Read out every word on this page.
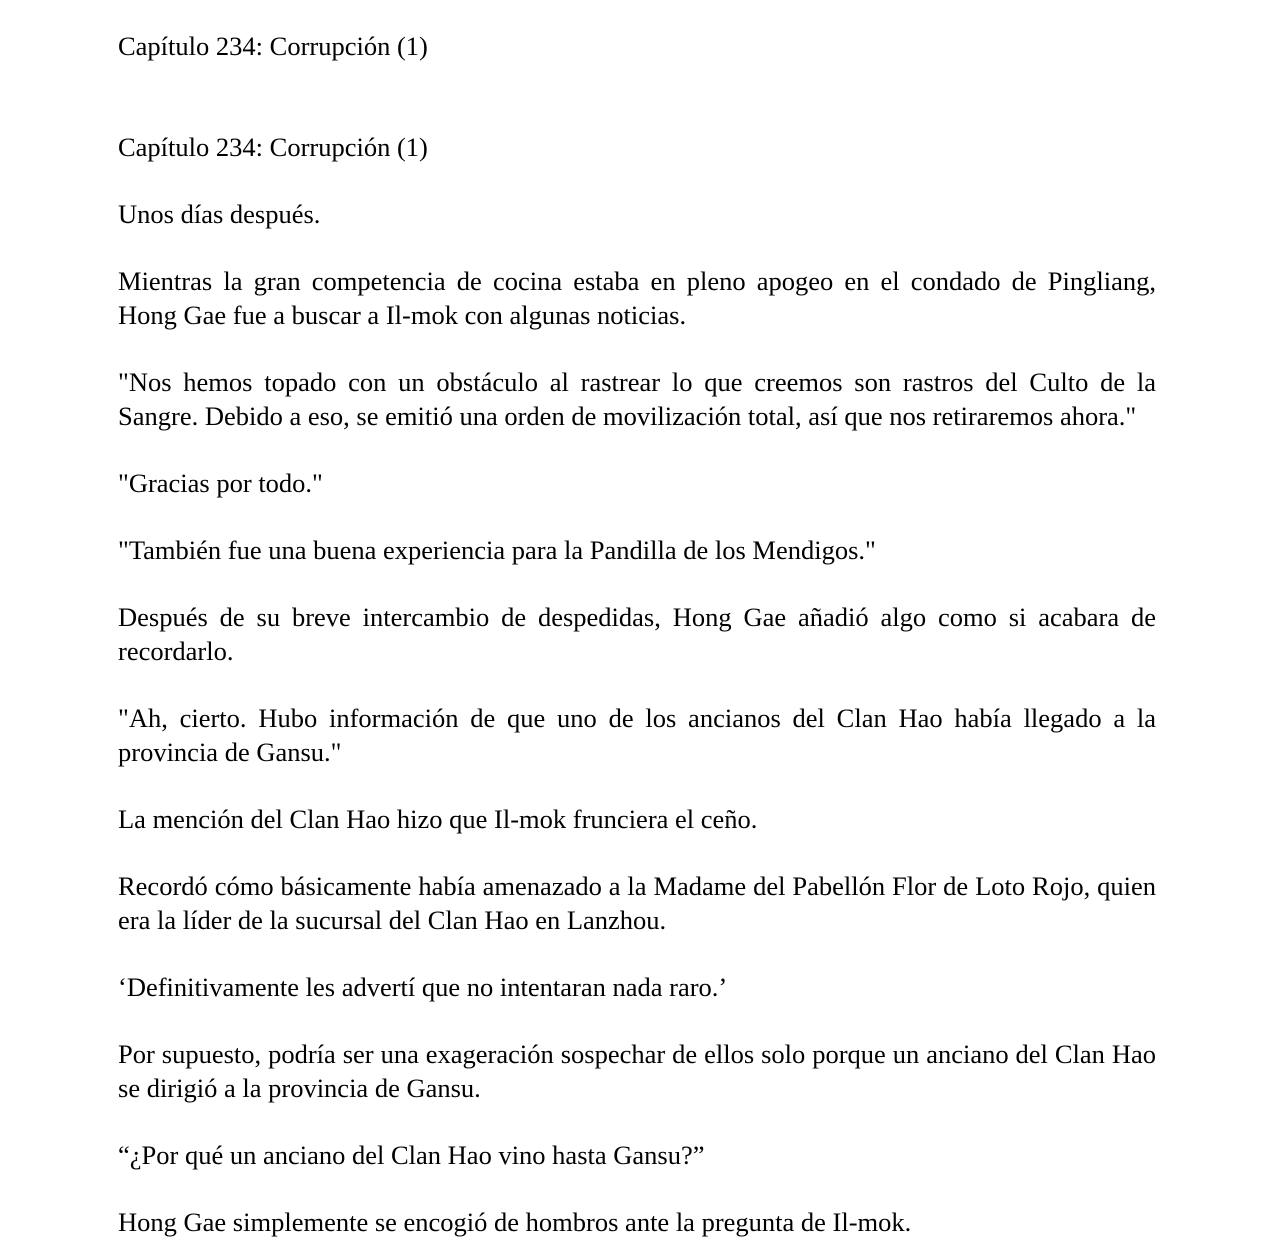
Capítulo 234: Corrupción (1)

Capítulo 234: Corrupción (1)

Unos días después.

Mientras la gran competencia de cocina estaba en pleno apogeo en el condado de Pingliang, Hong Gae fue a buscar a Il-mok con algunas noticias.

"Nos hemos topado con un obstáculo al rastrear lo que creemos son rastros del Culto de la Sangre. Debido a eso, se emitió una orden de movilización total, así que nos retiraremos ahora."

"Gracias por todo."

"También fue una buena experiencia para la Pandilla de los Mendigos."

Después de su breve intercambio de despedidas, Hong Gae añadió algo como si acabara de recordarlo.

"Ah, cierto. Hubo información de que uno de los ancianos del Clan Hao había llegado a la provincia de Gansu."

La mención del Clan Hao hizo que Il-mok frunciera el ceño.

Recordó cómo básicamente había amenazado a la Madame del Pabellón Flor de Loto Rojo, quien era la líder de la sucursal del Clan Hao en Lanzhou.

‘Definitivamente les advertí que no intentaran nada raro.’

Por supuesto, podría ser una exageración sospechar de ellos solo porque un anciano del Clan Hao se dirigió a la provincia de Gansu.

“¿Por qué un anciano del Clan Hao vino hasta Gansu?”

Hong Gae simplemente se encogió de hombros ante la pregunta de Il-mok.
